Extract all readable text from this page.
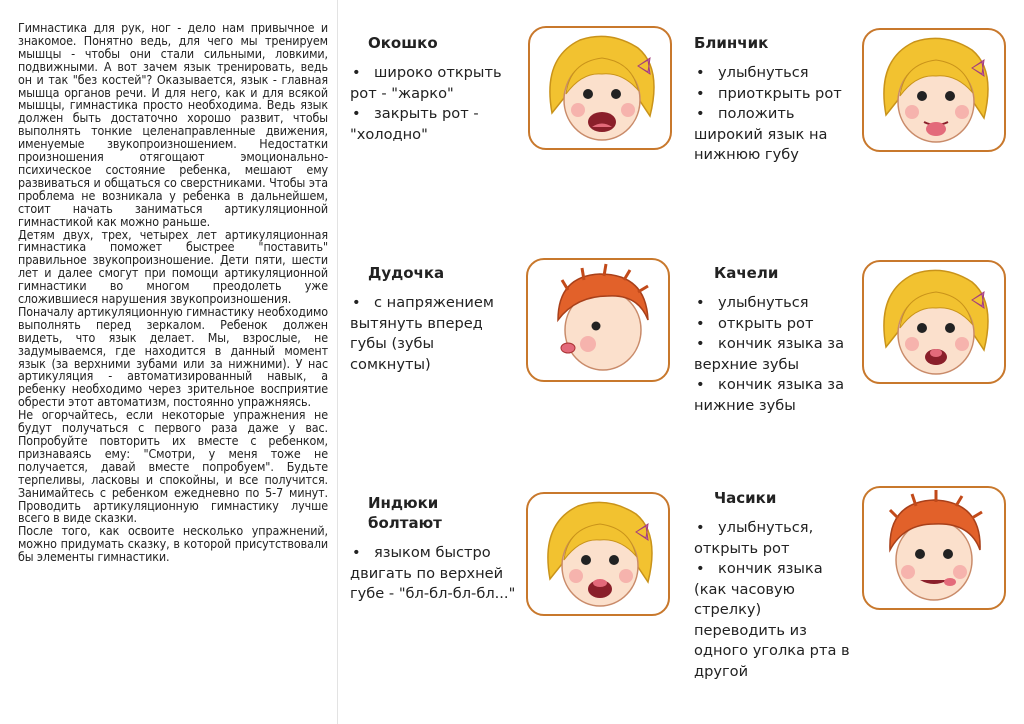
Гимнастика для рук, ног - дело нам привычное и знакомое. Понятно ведь, для чего мы тренируем мышцы - чтобы они стали сильными, ловкими, подвижными. А вот зачем язык тренировать, ведь он и так "без костей"? Оказывается, язык - главная мышца органов речи. И для него, как и для всякой мышцы, гимнастика просто необходима. Ведь язык должен быть достаточно хорошо развит, чтобы выполнять тонкие целенаправленные движения, именуемые звукопроизношением. Недостатки произношения отягощают эмоционально-психическое состояние ребенка, мешают ему развиваться и общаться со сверстниками. Чтобы эта проблема не возникала у ребенка в дальнейшем, стоит начать заниматься артикуляционной гимнастикой как можно раньше.

Детям двух, трех, четырех лет артикуляционная гимнастика поможет быстрее "поставить" правильное звукопроизношение. Дети пяти, шести лет и далее смогут при помощи артикуляционной гимнастики во многом преодолеть уже сложившиеся нарушения звукопроизношения.

Поначалу артикуляционную гимнастику необходимо выполнять перед зеркалом. Ребенок должен видеть, что язык делает. Мы, взрослые, не задумываемся, где находится в данный момент язык (за верхними зубами или за нижними). У нас артикуляция - автоматизированный навык, а ребенку необходимо через зрительное восприятие обрести этот автоматизм, постоянно упражняясь.

Не огорчайтесь, если некоторые упражнения не будут получаться с первого раза даже у вас. Попробуйте повторить их вместе с ребенком, признаваясь ему: "Смотри, у меня тоже не получается, давай вместе попробуем". Будьте терпеливы, ласковы и спокойны, и все получится. Занимайтесь с ребенком ежедневно по 5-7 минут. Проводить артикуляционную гимнастику лучше всего в виде сказки.

После того, как освоите несколько упражнений, можно придумать сказку, в которой присутствовали бы элементы гимнастики.

Окошко
• широко открыть рот - "жарко"
• закрыть рот - "холодно"
Блинчик
• улыбнуться
• приоткрыть рот
• положить широкий язык на нижнюю губу
Дудочка
• с напряжением вытянуть вперед губы (зубы сомкнуты)
Качели
• улыбнуться
• открыть рот
• кончик языка за верхние зубы
• кончик языка за нижние зубы
Индюки болтают
• языком быстро двигать по верхней губе - "бл-бл-бл-бл..."
Часики
• улыбнуться, открыть рот
• кончик языка (как часовую стрелку) переводить из одного уголка рта в другой
